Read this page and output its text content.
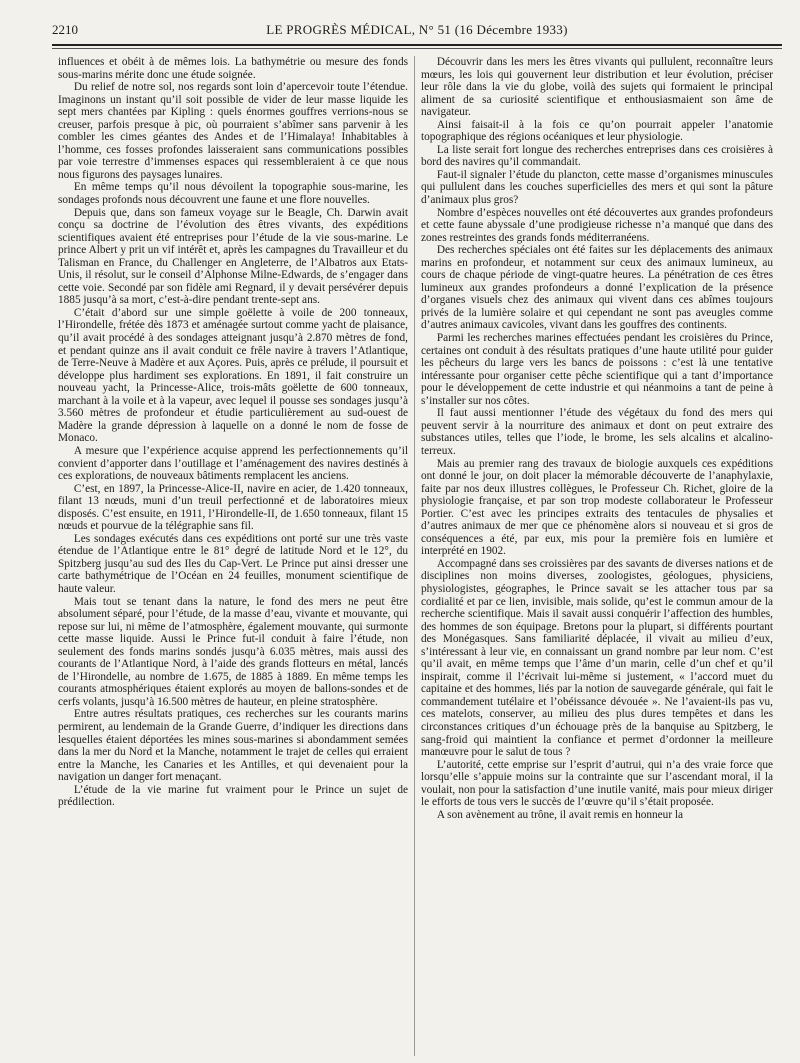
2210	LE PROGRÈS MÉDICAL, N° 51 (16 Décembre 1933)

influences et obéit à de mêmes lois. La bathymétrie ou mesure des fonds sous-marins mérite donc une étude soignée.

Du relief de notre sol, nos regards sont loin d’apercevoir toute l’étendue. Imaginons un instant qu’il soit possible de vider de leur masse liquide les sept mers chantées par Kipling : quels énormes gouffres verrions-nous se creuser, parfois presque à pic, où pourraient s’abîmer sans parvenir à les combler les cimes géantes des Andes et de l’Himalaya! Inhabitables à l’homme, ces fosses profondes laisseraient sans communications possibles par voie terrestre d’immenses espaces qui ressembleraient à ce que nous nous figurons des paysages lunaires.

En même temps qu’il nous dévoilent la topographie sous-marine, les sondages profonds nous découvrent une faune et une flore nouvelles.

Depuis que, dans son fameux voyage sur le Beagle, Ch. Darwin avait conçu sa doctrine de l’évolution des êtres vivants, des expéditions scientifiques avaient été entreprises pour l’étude de la vie sous-marine. Le prince Albert y prit un vif intérêt et, après les campagnes du Travailleur et du Talisman en France, du Challenger en Angleterre, de l’Albatros aux Etats-Unis, il résolut, sur le conseil d’Alphonse Milne-Edwards, de s’engager dans cette voie. Secondé par son fidèle ami Regnard, il y devait persévérer depuis 1885 jusqu’à sa mort, c’est-à-dire pendant trente-sept ans.

C’était d’abord sur une simple goëlette à voile de 200 tonneaux, l’Hirondelle, frétée dès 1873 et aménagée surtout comme yacht de plaisance, qu’il avait procédé à des sondages atteignant jusqu’à 2.870 mètres de fond, et pendant quinze ans il avait conduit ce frêle navire à travers l’Atlantique, de Terre-Neuve à Madère et aux Açores. Puis, après ce prélude, il poursuit et développe plus hardiment ses explorations. En 1891, il fait construire un nouveau yacht, la Princesse-Alice, trois-mâts goëlette de 600 tonneaux, marchant à la voile et à la vapeur, avec lequel il pousse ses sondages jusqu’à 3.560 mètres de profondeur et étudie particulièrement au sud-ouest de Madère la grande dépression à laquelle on a donné le nom de fosse de Monaco.

A mesure que l’expérience acquise apprend les perfectionnements qu’il convient d’apporter dans l’outillage et l’aménagement des navires destinés à ces explorations, de nouveaux bâtiments remplacent les anciens.

C’est, en 1897, la Princesse-Alice-II, navire en acier, de 1.420 tonneaux, filant 13 nœuds, muni d’un treuil perfectionné et de laboratoires mieux disposés. C’est ensuite, en 1911, l’Hirondelle-II, de 1.650 tonneaux, filant 15 nœuds et pourvue de la télégraphie sans fil.

Les sondages exécutés dans ces expéditions ont porté sur une très vaste étendue de l’Atlantique entre le 81° degré de latitude Nord et le 12°, du Spitzberg jusqu’au sud des Iles du Cap-Vert. Le Prince put ainsi dresser une carte bathymétrique de l’Océan en 24 feuilles, monument scientifique de haute valeur.

Mais tout se tenant dans la nature, le fond des mers ne peut être absolument séparé, pour l’étude, de la masse d’eau, vivante et mouvante, qui repose sur lui, ni même de l’atmosphère, également mouvante, qui surmonte cette masse liquide. Aussi le Prince fut-il conduit à faire l’étude, non seulement des fonds marins sondés jusqu’à 6.035 mètres, mais aussi des courants de l’Atlantique Nord, à l’aide des grands flotteurs en métal, lancés de l’Hirondelle, au nombre de 1.675, de 1885 à 1889. En même temps les courants atmosphériques étaient explorés au moyen de ballons-sondes et de cerfs volants, jusqu’à 16.500 mètres de hauteur, en pleine stratosphère.

Entre autres résultats pratiques, ces recherches sur les courants marins permirent, au lendemain de la Grande Guerre, d’indiquer les directions dans lesquelles étaient déportées les mines sous-marines si abondamment semées dans la mer du Nord et la Manche, notamment le trajet de celles qui erraient entre la Manche, les Canaries et les Antilles, et qui devenaient pour la navigation un danger fort menaçant.

L’étude de la vie marine fut vraiment pour le Prince un sujet de prédilection.

Découvrir dans les mers les êtres vivants qui pullulent, reconnaître leurs mœurs, les lois qui gouvernent leur distribution et leur évolution, préciser leur rôle dans la vie du globe, voilà des sujets qui formaient le principal aliment de sa curiosité scientifique et enthousiasmaient son âme de navigateur.

Ainsi faisait-il à la fois ce qu’on pourrait appeler l’anatomie topographique des régions océaniques et leur physiologie.

La liste serait fort longue des recherches entreprises dans ces croisières à bord des navires qu’il commandait.

Faut-il signaler l’étude du plancton, cette masse d’organismes minuscules qui pullulent dans les couches superficielles des mers et qui sont la pâture d’animaux plus gros?

Nombre d’espèces nouvelles ont été découvertes aux grandes profondeurs et cette faune abyssale d’une prodigieuse richesse n’a manqué que dans des zones restreintes des grands fonds méditerranéens.

Des recherches spéciales ont été faites sur les déplacements des animaux marins en profondeur, et notamment sur ceux des animaux lumineux, au cours de chaque période de vingt-quatre heures. La pénétration de ces êtres lumineux aux grandes profondeurs a donné l’explication de la présence d’organes visuels chez des animaux qui vivent dans ces abîmes toujours privés de la lumière solaire et qui cependant ne sont pas aveugles comme d’autres animaux cavicoles, vivant dans les gouffres des continents.

Parmi les recherches marines effectuées pendant les croisières du Prince, certaines ont conduit à des résultats pratiques d’une haute utilité pour guider les pêcheurs du large vers les bancs de poissons : c’est là une tentative intéressante pour organiser cette pêche scientifique qui a tant d’importance pour le développement de cette industrie et qui néanmoins a tant de peine à s’installer sur nos côtes.

Il faut aussi mentionner l’étude des végétaux du fond des mers qui peuvent servir à la nourriture des animaux et dont on peut extraire des substances utiles, telles que l’iode, le brome, les sels alcalins et alcalino-terreux.

Mais au premier rang des travaux de biologie auxquels ces expéditions ont donné le jour, on doit placer la mémorable découverte de l’anaphylaxie, faite par nos deux illustres collègues, le Professeur Ch. Richet, gloire de la physiologie française, et par son trop modeste collaborateur le Professeur Portier. C’est avec les principes extraits des tentacules de physalies et d’autres animaux de mer que ce phénomène alors si nouveau et si gros de conséquences a été, par eux, mis pour la première fois en lumière et interprété en 1902.

Accompagné dans ses croissières par des savants de diverses nations et de disciplines non moins diverses, zoologistes, géologues, physiciens, physiologistes, géographes, le Prince savait se les attacher tous par sa cordialité et par ce lien, invisible, mais solide, qu’est le commun amour de la recherche scientifique. Mais il savait aussi conquérir l’affection des humbles, des hommes de son équipage. Bretons pour la plupart, si différents pourtant des Monégasques. Sans familiarité déplacée, il vivait au milieu d’eux, s’intéressant à leur vie, en connaissant un grand nombre par leur nom. C’est qu’il avait, en même temps que l’âme d’un marin, celle d’un chef et qu’il inspirait, comme il l’écrivait lui-même si justement, « l’accord muet du capitaine et des hommes, liés par la notion de sauvegarde générale, qui fait le commandement tutélaire et l’obéissance dévouée ». Ne l’avaient-ils pas vu, ces matelots, conserver, au milieu des plus dures tempêtes et dans les circonstances critiques d’un échouage près de la banquise au Spitzberg, le sang-froid qui maintient la confiance et permet d’ordonner la meilleure manœuvre pour le salut de tous ?

L’autorité, cette emprise sur l’esprit d’autrui, qui n’a des vraie force que lorsqu’elle s’appuie moins sur la contrainte que sur l’ascendant moral, il la voulait, non pour la satisfaction d’une inutile vanité, mais pour mieux diriger le efforts de tous vers le succès de l’œuvre qu’il s’était proposée.

A son avènement au trône, il avait remis en honneur la
